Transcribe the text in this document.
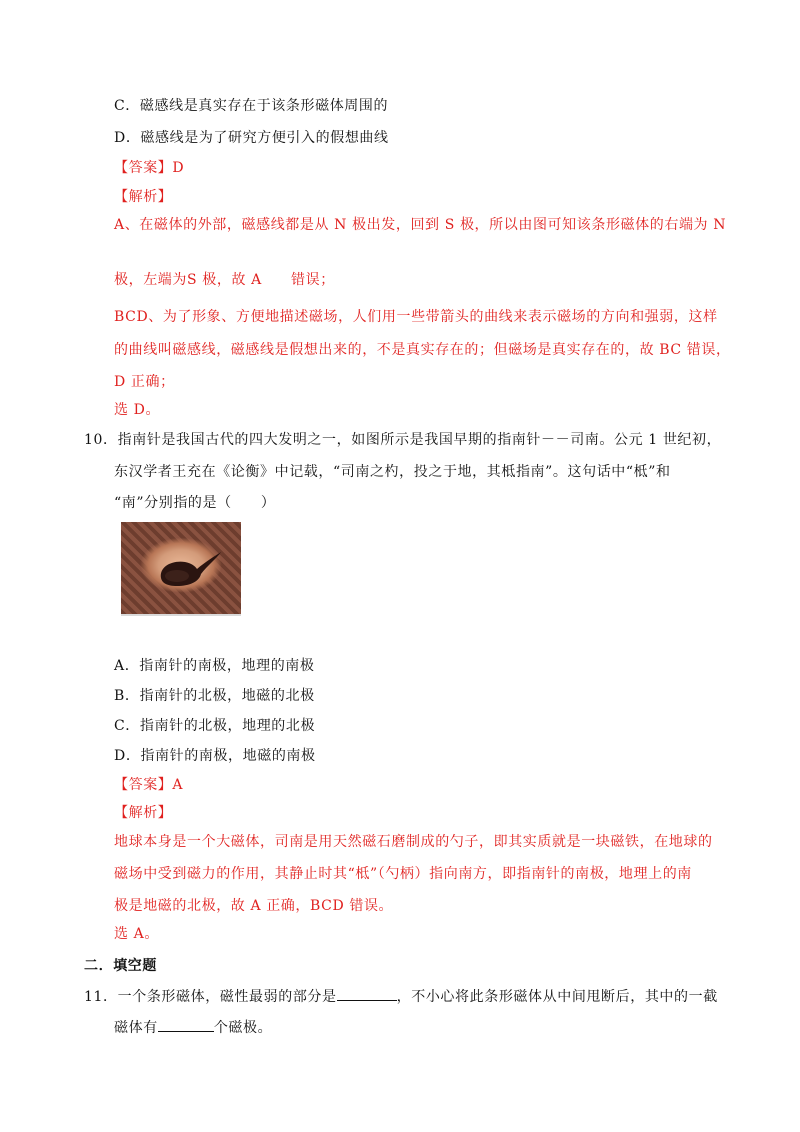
C．磁感线是真实存在于该条形磁体周围的
D．磁感线是为了研究方便引入的假想曲线
【答案】D
【解析】
A、在磁体的外部，磁感线都是从 N 极出发，回到 S 极，所以由图可知该条形磁体的右端为 N
极，左端为S 极，故 A　　错误；
BCD、为了形象、方便地描述磁场，人们用一些带箭头的曲线来表示磁场的方向和强弱，这样
的曲线叫磁感线，磁感线是假想出来的，不是真实存在的；但磁场是真实存在的，故 BC 错误，
D 正确；
选 D。
10．指南针是我国古代的四大发明之一，如图所示是我国早期的指南针－－司南。公元 1 世纪初，
东汉学者王充在《论衡》中记载，“司南之杓，投之于地，其柢指南”。这句话中“柢”和
“南”分别指的是（　　）
A．指南针的南极，地理的南极
B．指南针的北极，地磁的北极
C．指南针的北极，地理的北极
D．指南针的南极，地磁的南极
【答案】A
【解析】
地球本身是一个大磁体，司南是用天然磁石磨制成的勺子，即其实质就是一块磁铁，在地球的
磁场中受到磁力的作用，其静止时其“柢”（勺柄）指向南方，即指南针的南极，地理上的南
极是地磁的北极，故 A 正确，BCD 错误。
选 A。
二．填空题
11．一个条形磁体，磁性最弱的部分是	，不小心将此条形磁体从中间甩断后，其中的一截
磁体有	个磁极。
